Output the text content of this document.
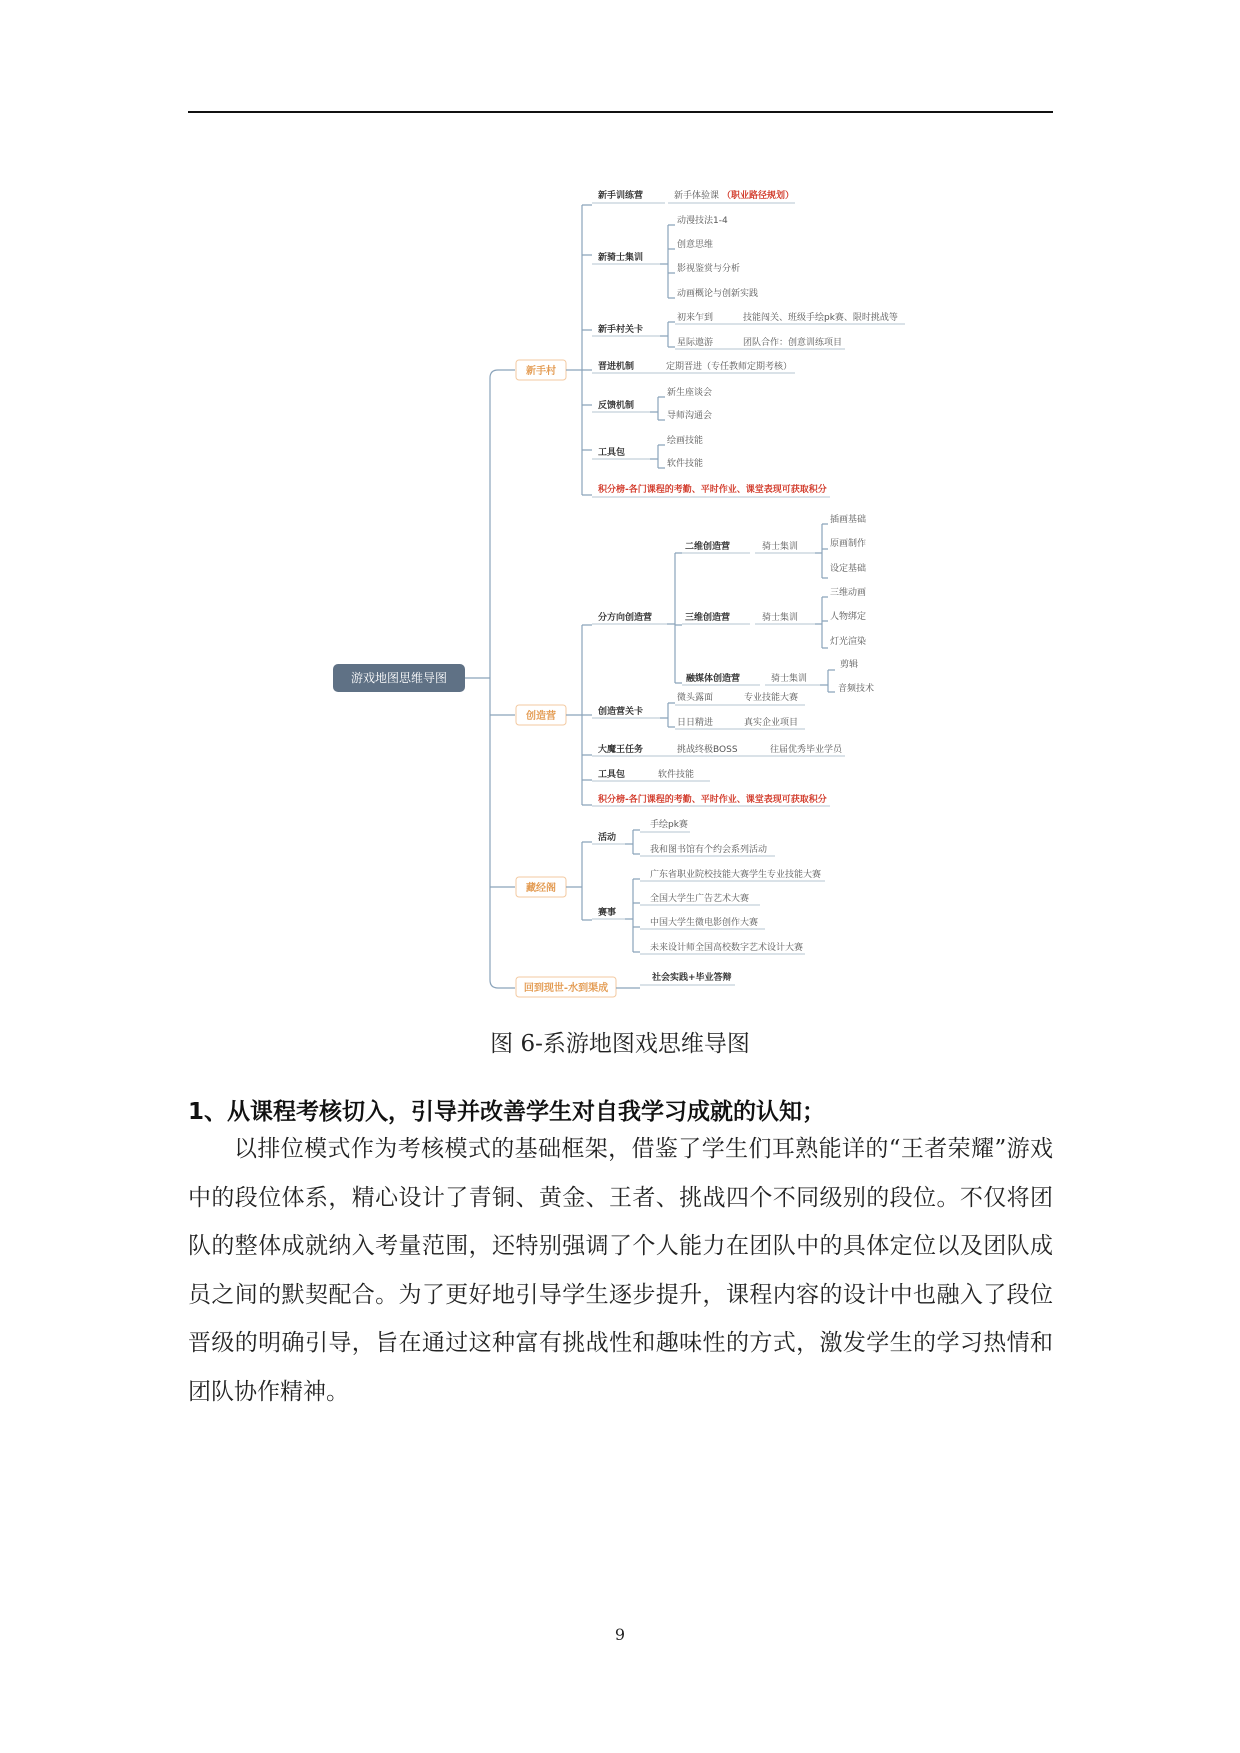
游戏地图思维导图
新手村
创造营
藏经阁
回到现世-水到渠成
新手训练营	新手体验课 （职业路径规划）
新骑士集训
动漫技法1-4
创意思维
影视鉴赏与分析
动画概论与创新实践
新手村关卡
初来乍到
星际遨游
技能闯关、班级手绘pk赛、限时挑战等
团队合作：创意训练项目
晋进机制	定期晋进（专任教师定期考核）
反馈机制
新生座谈会
导师沟通会
工具包
绘画技能
软件技能
积分榜-各门课程的考勤、平时作业、课堂表现可获取积分
分方向创造营
二维创造营	骑士集训
插画基础
原画制作
设定基础
三维创造营	骑士集训
三维动画
人物绑定
灯光渲染
融媒体创造营	骑士集训
剪辑
音频技术
创造营关卡
微头露面
日日精进
专业技能大赛
真实企业项目
大魔王任务	挑战终极BOSS	往届优秀毕业学员
工具包	软件技能
积分榜-各门课程的考勤、平时作业、课堂表现可获取积分
活动
手绘pk赛
我和图书馆有个约会系列活动
赛事
广东省职业院校技能大赛学生专业技能大赛
全国大学生广告艺术大赛
中国大学生微电影创作大赛
未来设计师全国高校数字艺术设计大赛
社会实践+毕业答辩
图 6-系游地图戏思维导图
1、从课程考核切入，引导并改善学生对自我学习成就的认知；
以排位模式作为考核模式的基础框架，借鉴了学生们耳熟能详的“王者荣耀”游戏中的段位体系，精心设计了青铜、黄金、王者、挑战四个不同级别的段位。不仅将团队的整体成就纳入考量范围，还特别强调了个人能力在团队中的具体定位以及团队成员之间的默契配合。为了更好地引导学生逐步提升，课程内容的设计中也融入了段位晋级的明确引导，旨在通过这种富有挑战性和趣味性的方式，激发学生的学习热情和团队协作精神。
9
